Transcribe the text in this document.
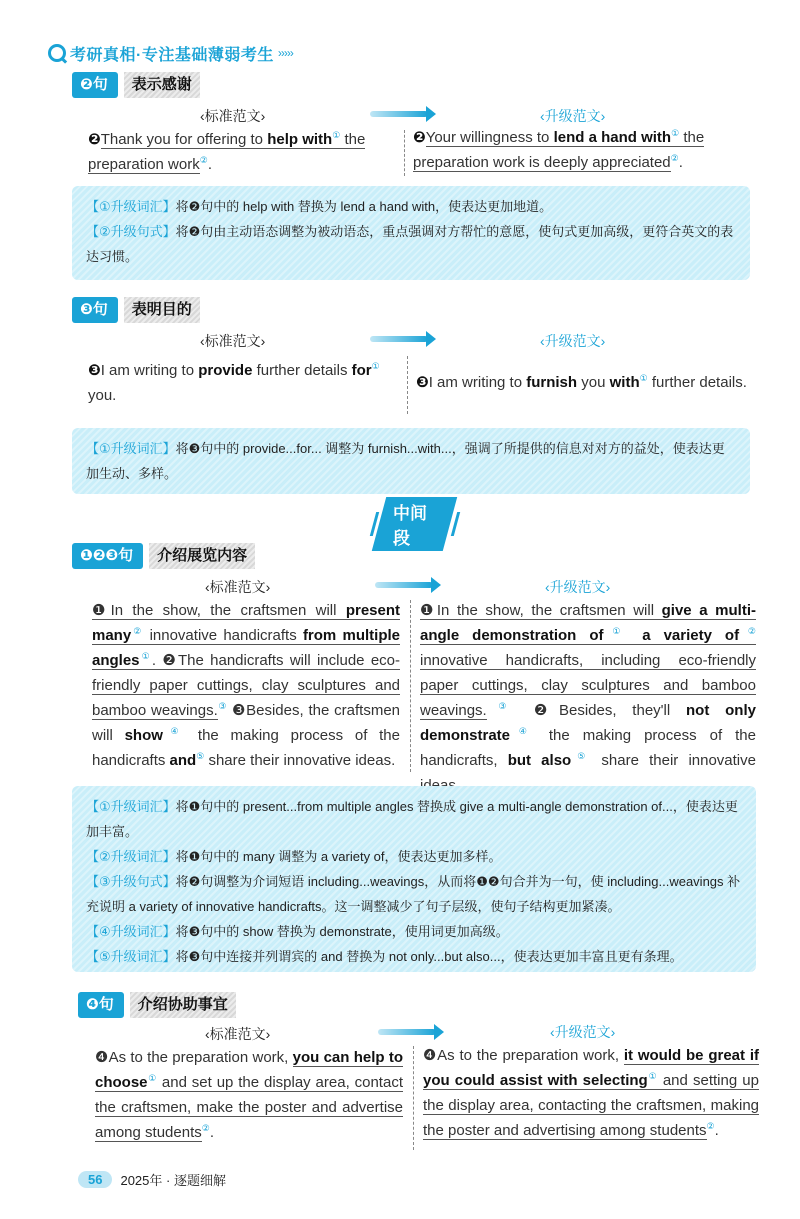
考研真相·专注基础薄弱考生 ›››››
❷句	表示感谢
‹标准范文›	‹升级范文›
❷Thank you for offering to help with① the preparation work②.
❷Your willingness to lend a hand with① the preparation work is deeply appreciated②.
【①升级词汇】将❷句中的 help with 替换为 lend a hand with，使表达更加地道。
【②升级句式】将❷句由主动语态调整为被动语态，重点强调对方帮忙的意愿，使句式更加高级，更符合英文的表达习惯。
❸句	表明目的
‹标准范文›	‹升级范文›
❸I am writing to provide further details for① you.
❸I am writing to furnish you with① further details.
【①升级词汇】将❸句中的 provide...for... 调整为 furnish...with...，强调了所提供的信息对对方的益处，使表达更加生动、多样。
中间段
❶❷❸句	介绍展览内容
‹标准范文›	‹升级范文›
❶In the show, the craftsmen will present many② innovative handicrafts from multiple angles①. ❷The handicrafts will include eco-friendly paper cuttings, clay sculptures and bamboo weavings.③ ❸Besides, the craftsmen will show④ the making process of the handicrafts and⑤ share their innovative ideas.
❶In the show, the craftsmen will give a multi-angle demonstration of① a variety of② innovative handicrafts, including eco-friendly paper cuttings, clay sculptures and bamboo weavings.③ ❷Besides, they'll not only demonstrate④ the making process of the handicrafts, but also⑤ share their innovative
【①升级词汇】将❶句中的 present...from multiple angles 替换成 give a multi-angle demonstration of...，使表达更加丰富。
【②升级词汇】将❶句中的 many 调整为 a variety of，使表达更加多样。
【③升级句式】将❷句调整为介词短语 including...weavings，从而将❶❷句合并为一句，使 including...weavings 补充说明 a variety of innovative handicrafts。这一调整减少了句子层级，使句子结构更加紧凑。
【④升级词汇】将❸句中的 show 替换为 demonstrate，使用词更加高级。
【⑤升级词汇】将❸句中连接并列谓宾的 and 替换为 not only...but also...，使表达更加丰富且更有条理。
❹句	介绍协助事宜
‹标准范文›	‹升级范文›
❹As to the preparation work, you can help to choose① and set up the display area, contact the craftsmen, make the poster and advertise among students②.
❹As to the preparation work, it would be great if you could assist with selecting① and setting up the display area, contacting the craftsmen, making the poster and advertising among students②.
56	2025年 · 逐题细解
